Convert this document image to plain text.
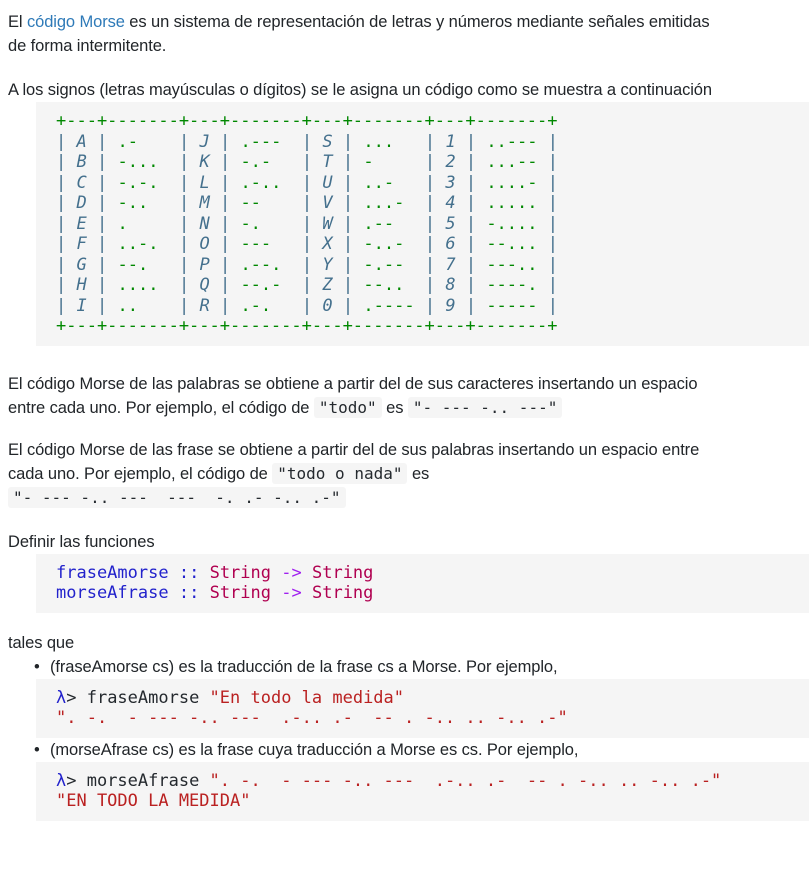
El código Morse es un sistema de representación de letras y números mediante señales emitidas
de forma intermitente.

A los signos (letras mayúsculas o dígitos) se le asigna un código como se muestra a continuación

+---+-------+---+-------+---+-------+---+-------+
| A | .- | J | .--- | S | ... | 1 | ..--- |
| B | -... | K | -.- | T | -	| 2 | ...-- |
| C | -.-. | L | .-.. | U | ..- | 3 | ....- |
| D | -.. | M | -- | V | ...- | 4 | ..... |
| E | .	| N | -. | W | .-- | 5 | -.... |
| F | ..-. | O | --- | X | -..- | 6 | --... |
| G | --. | P | .--. | Y | -.-- | 7 | ---.. |
| H | .... | Q | --.- | Z | --.. | 8 | ----. |
| I | .. | R | .-. | 0 | .---- | 9 | ----- |
+---+-------+---+-------+---+-------+---+-------+

El código Morse de las palabras se obtiene a partir del de sus caracteres insertando un espacio
entre cada uno. Por ejemplo, el código de "todo" es "- --- -.. ---"

El código Morse de las frase se obtiene a partir del de sus palabras insertando un espacio entre
cada uno. Por ejemplo, el código de "todo o nada" es
"- --- -.. ---  ---  -. .- -.. .-"

Definir las funciones

fraseAmorse :: String -> String
morseAfrase :: String -> String

tales que

• (fraseAmorse cs) es la traducción de la frase cs a Morse. Por ejemplo,
λ> fraseAmorse "En todo la medida"
". -.  - --- -.. ---  .-.. .-  -- . -.. .. -.. .-"
• (morseAfrase cs) es la frase cuya traducción a Morse es cs. Por ejemplo,
λ> morseAfrase ". -.  - --- -.. ---  .-.. .-  -- . -.. .. -.. .-"
"EN TODO LA MEDIDA"
